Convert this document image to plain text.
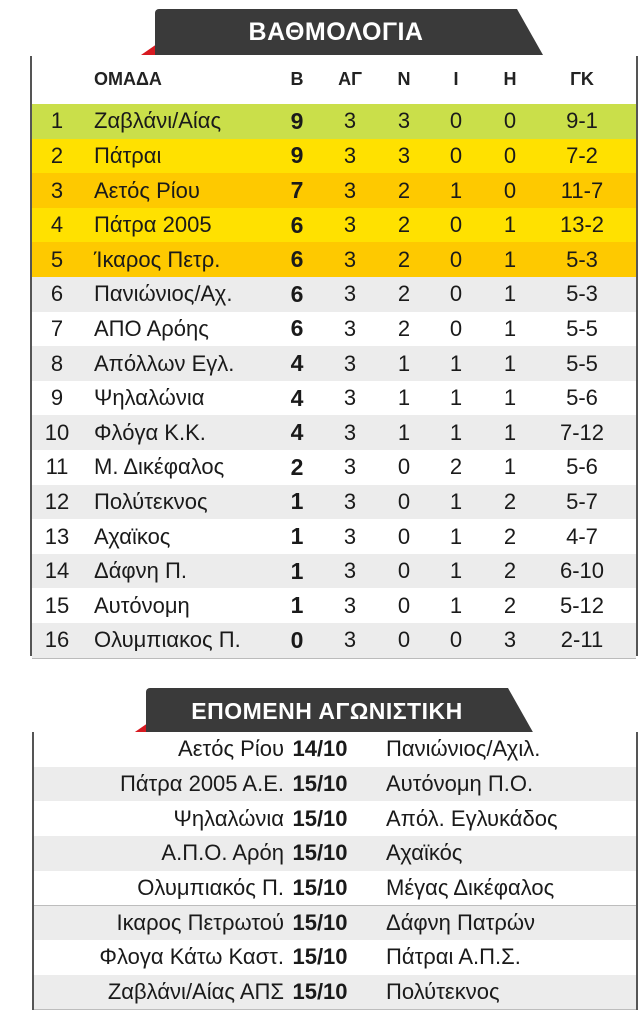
ΒΑΘΜΟΛΟΓΙΑ
ΟΜΑΔΑ	Β	ΑΓ	Ν	Ι	Η	ΓΚ
1	Ζαβλάνι/Αίας	9	3	3	0	0	9-1
2	Πάτραι	9	3	3	0	0	7-2
3	Αετός Ρίου	7	3	2	1	0	11-7
4	Πάτρα 2005	6	3	2	0	1	13-2
5	Ίκαρος Πετρ.	6	3	2	0	1	5-3
6	Πανιώνιος/Αχ.	6	3	2	0	1	5-3
7	ΑΠΟ Αρόης	6	3	2	0	1	5-5
8	Απόλλων Εγλ.	4	3	1	1	1	5-5
9	Ψηλαλώνια	4	3	1	1	1	5-6
10	Φλόγα Κ.Κ.	4	3	1	1	1	7-12
11	Μ. Δικέφαλος	2	3	0	2	1	5-6
12	Πολύτεκνος	1	3	0	1	2	5-7
13	Αχαϊκος	1	3	0	1	2	4-7
14	Δάφνη Π.	1	3	0	1	2	6-10
15	Αυτόνομη	1	3	0	1	2	5-12
16	Ολυμπιακος Π.	0	3	0	0	3	2-11
ΕΠΟΜΕΝΗ ΑΓΩΝΙΣΤΙΚΗ
Αετός Ρίου 14/10	Πανιώνιος/Αχιλ.
Πάτρα 2005 Α.Ε. 15/10	Αυτόνομη Π.Ο.
Ψηλαλώνια 15/10	Απόλ. Εγλυκάδος
Α.Π.Ο. Αρόη 15/10	Αχαϊκός
Ολυμπιακός Π. 15/10	Μέγας Δικέφαλος
Ικαρος Πετρωτού 15/10	Δάφνη Πατρών
Φλογα Κάτω Καστ. 15/10	Πάτραι Α.Π.Σ.
Ζαβλάνι/Αίας ΑΠΣ 15/10	Πολύτεκνος
